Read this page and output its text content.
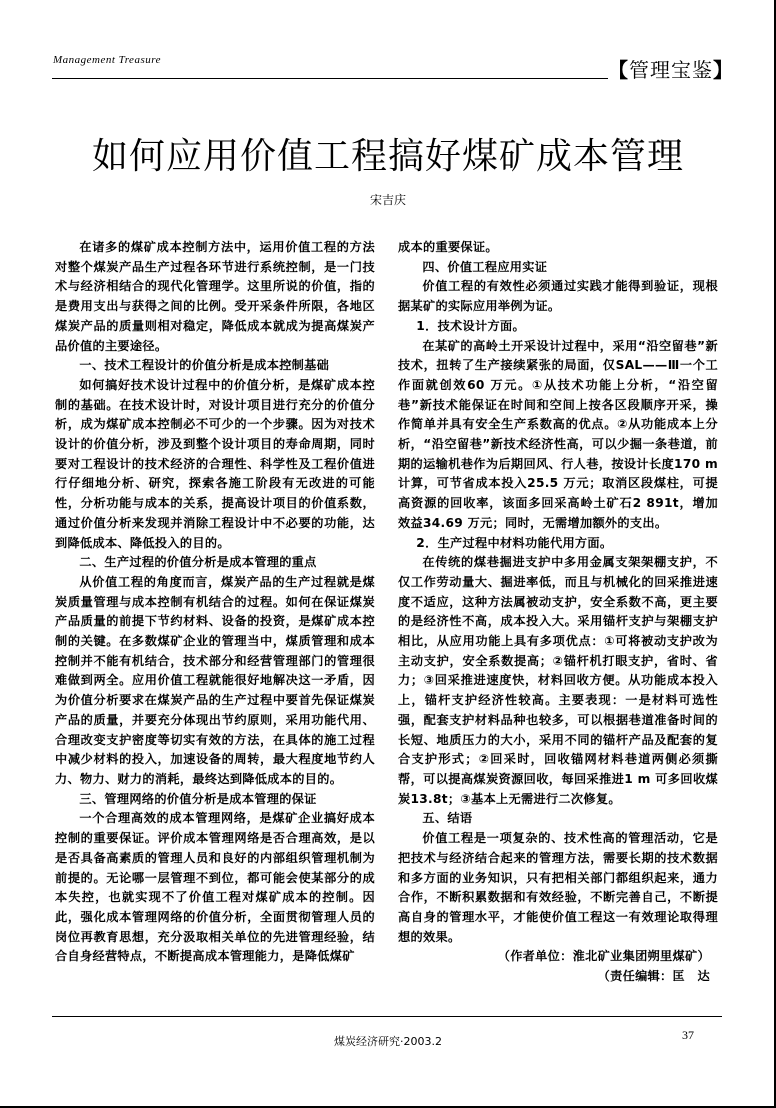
Management Treasure	【管理宝鉴】
如何应用价值工程搞好煤矿成本管理
宋吉庆

在诸多的煤矿成本控制方法中，运用价值工程的方法对整个煤炭产品生产过程各环节进行系统控制，是一门技术与经济相结合的现代化管理学。这里所说的价值，指的是费用支出与获得之间的比例。受开采条件所限，各地区煤炭产品的质量则相对稳定，降低成本就成为提高煤炭产品价值的主要途径。

一、技术工程设计的价值分析是成本控制基础

如何搞好技术设计过程中的价值分析，是煤矿成本控制的基础。在技术设计时，对设计项目进行充分的价值分析，成为煤矿成本控制必不可少的一个步骤。因为对技术设计的价值分析，涉及到整个设计项目的寿命周期，同时要对工程设计的技术经济的合理性、科学性及工程价值进行仔细地分析、研究，探索各施工阶段有无改进的可能性，分析功能与成本的关系，提高设计项目的价值系数，通过价值分析来发现并消除工程设计中不必要的功能，达到降低成本、降低投入的目的。

二、生产过程的价值分析是成本管理的重点

从价值工程的角度而言，煤炭产品的生产过程就是煤炭质量管理与成本控制有机结合的过程。如何在保证煤炭产品质量的前提下节约材料、设备的投资，是煤矿成本控制的关键。在多数煤矿企业的管理当中，煤质管理和成本控制并不能有机结合，技术部分和经营管理部门的管理很难做到两全。应用价值工程就能很好地解决这一矛盾，因为价值分析要求在煤炭产品的生产过程中要首先保证煤炭产品的质量，并要充分体现出节约原则，采用功能代用、合理改变支护密度等切实有效的方法，在具体的施工过程中减少材料的投入，加速设备的周转，最大程度地节约人力、物力、财力的消耗，最终达到降低成本的目的。

三、管理网络的价值分析是成本管理的保证

一个合理高效的成本管理网络，是煤矿企业搞好成本控制的重要保证。评价成本管理网络是否合理高效，是以是否具备高素质的管理人员和良好的内部组织管理机制为前提的。无论哪一层管理不到位，都可能会使某部分的成本失控，也就实现不了价值工程对煤矿成本的控制。因此，强化成本管理网络的价值分析，全面贯彻管理人员的岗位再教育思想，充分汲取相关单位的先进管理经验，结合自身经营特点，不断提高成本管理能力，是降低煤矿

成本的重要保证。

四、价值工程应用实证

价值工程的有效性必须通过实践才能得到验证，现根据某矿的实际应用举例为证。

1．技术设计方面。

在某矿的高岭土开采设计过程中，采用“沿空留巷”新技术，扭转了生产接续紧张的局面，仅SAL——Ⅲ一个工作面就创效60 万元。①从技术功能上分析，“沿空留巷”新技术能保证在时间和空间上按各区段顺序开采，操作简单并具有安全生产系数高的优点。②从功能成本上分析，“沿空留巷”新技术经济性高，可以少掘一条巷道，前期的运输机巷作为后期回风、行人巷，按设计长度170 m 计算，可节省成本投入25.5 万元；取消区段煤柱，可提高资源的回收率，该面多回采高岭土矿石2 891t，增加效益34.69 万元；同时，无需增加额外的支出。

2．生产过程中材料功能代用方面。

在传统的煤巷掘进支护中多用金属支架架棚支护，不仅工作劳动量大、掘进率低，而且与机械化的回采推进速度不适应，这种方法属被动支护，安全系数不高，更主要的是经济性不高，成本投入大。采用锚杆支护与架棚支护相比，从应用功能上具有多项优点：①可将被动支护改为主动支护，安全系数提高；②锚杆机打眼支护，省时、省力；③回采推进速度快，材料回收方便。从功能成本投入上，锚杆支护经济性较高。主要表现：一是材料可选性强，配套支护材料品种也较多，可以根据巷道准备时间的长短、地质压力的大小，采用不同的锚杆产品及配套的复合支护形式；②回采时，回收锚网材料巷道两侧必须撕帮，可以提高煤炭资源回收，每回采推进1 m 可多回收煤炭13.8t；③基本上无需进行二次修复。

五、结语

价值工程是一项复杂的、技术性高的管理活动，它是把技术与经济结合起来的管理方法，需要长期的技术数据和多方面的业务知识，只有把相关部门都组织起来，通力合作，不断积累数据和有效经验，不断完善自己，不断提高自身的管理水平，才能使价值工程这一有效理论取得理想的效果。

（作者单位：淮北矿业集团朔里煤矿）

（责任编辑：匡　达

煤炭经济研究·2003.2	37
